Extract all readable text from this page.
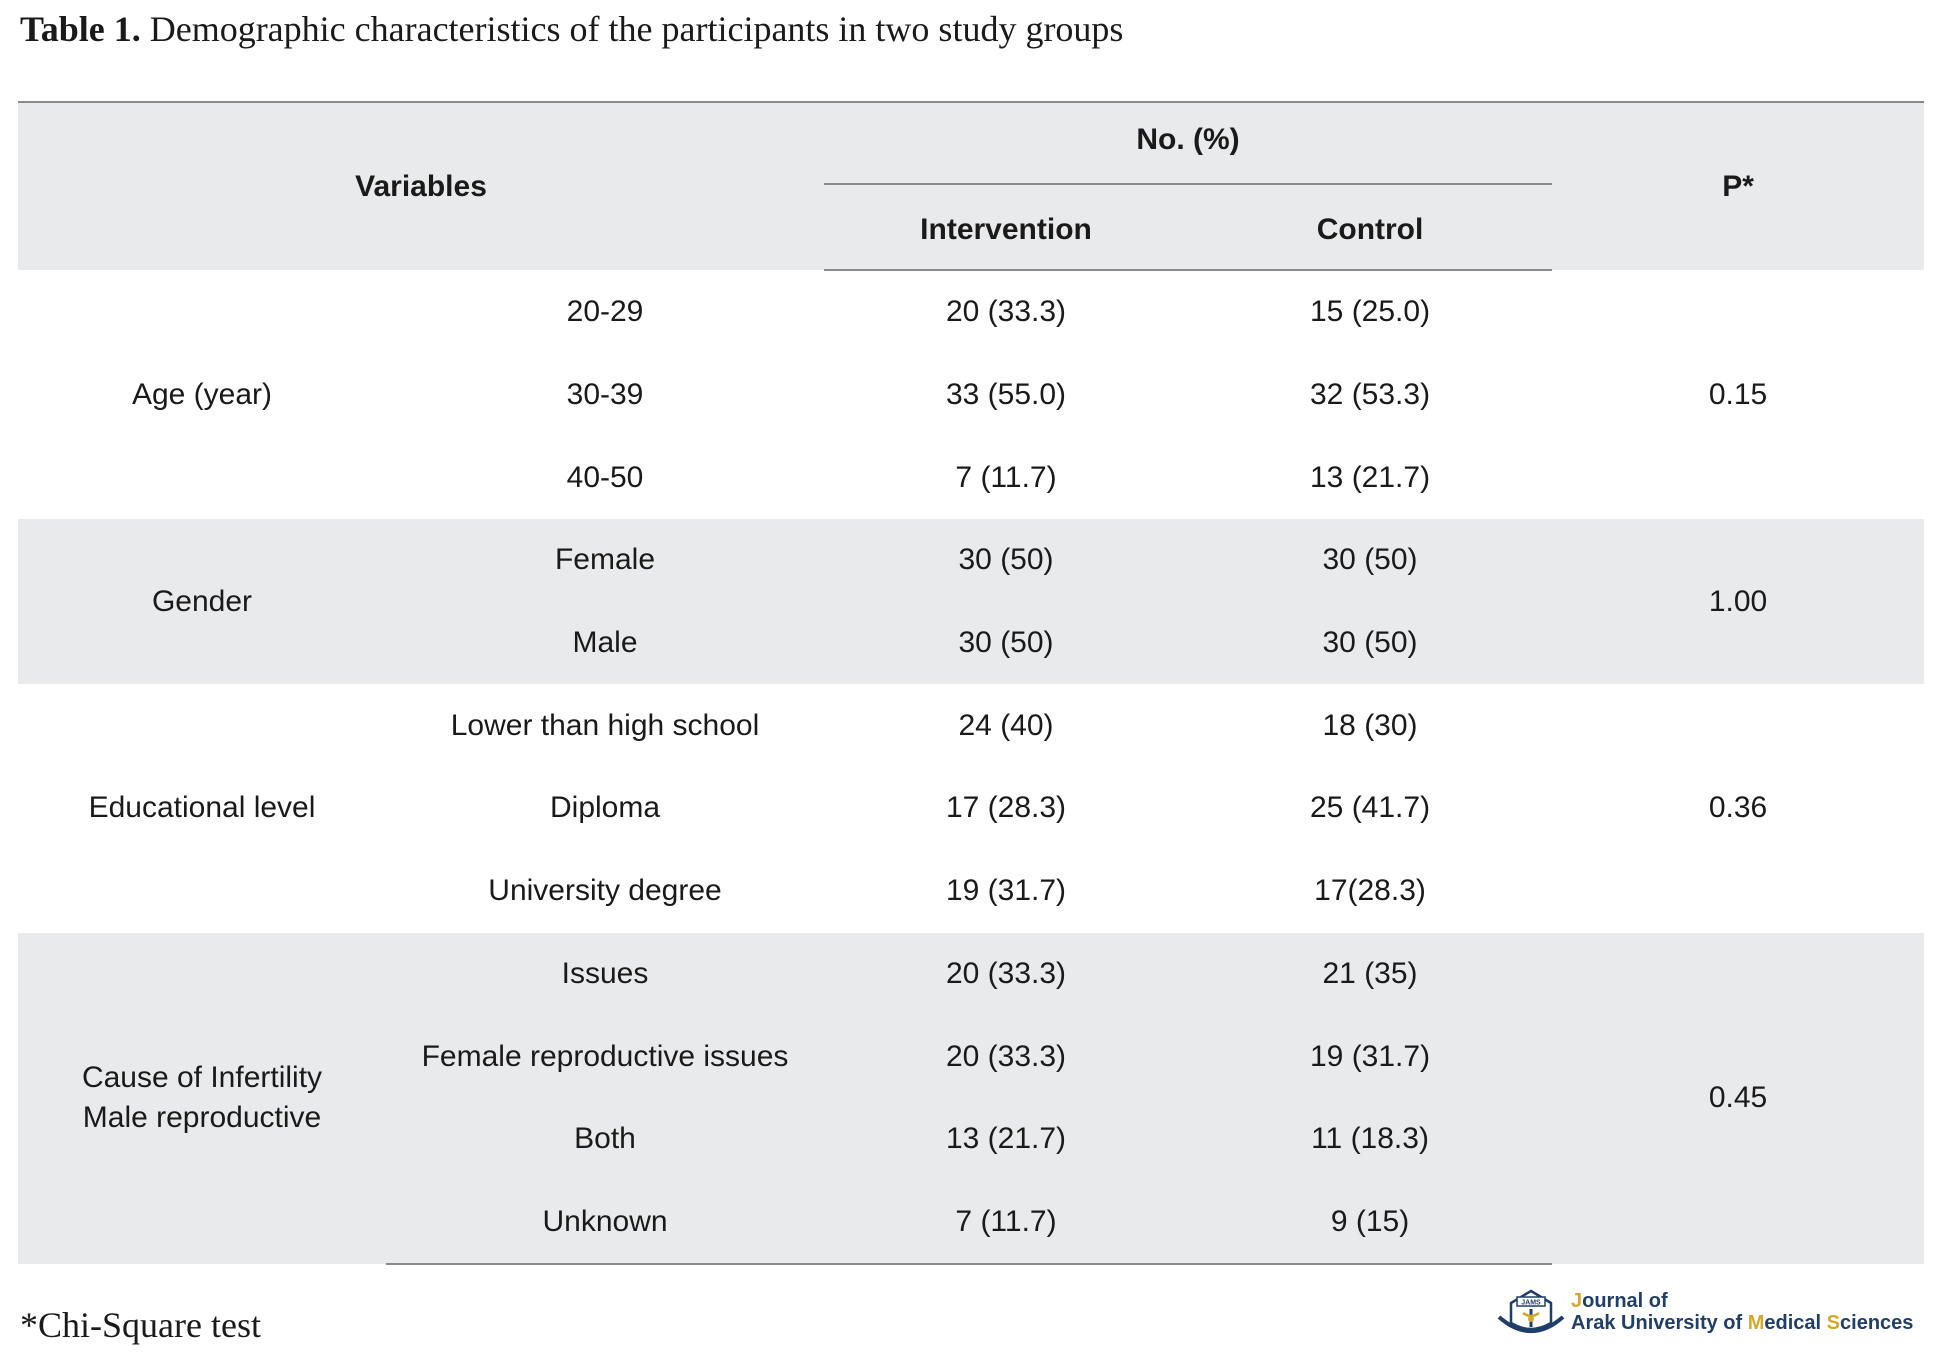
Table 1. Demographic characteristics of the participants in two study groups
Variables		No. (%)		P*
		Intervention	Control	
Age (year)	20-29	20 (33.3)	15 (25.0)	0.15
	30-39	33 (55.0)	32 (53.3)	
	40-50	7 (11.7)	13 (21.7)	
Gender	Female	30 (50)	30 (50)	1.00
	Male	30 (50)	30 (50)	
Educational level	Lower than high school	24 (40)	18 (30)	0.36
	Diploma	17 (28.3)	25 (41.7)	
	University degree	19 (31.7)	17(28.3)	

Cause of Infertility
Male reproductive	Issues	20 (33.3)	21 (35)	0.45
	Female reproductive issues	20 (33.3)	19 (31.7)	
	Both	13 (21.7)	11 (18.3)	
	Unknown	7 (11.7)	9 (15)	
*Chi-Square test
JAMS Journal of
Arak University of Medical Sciences
